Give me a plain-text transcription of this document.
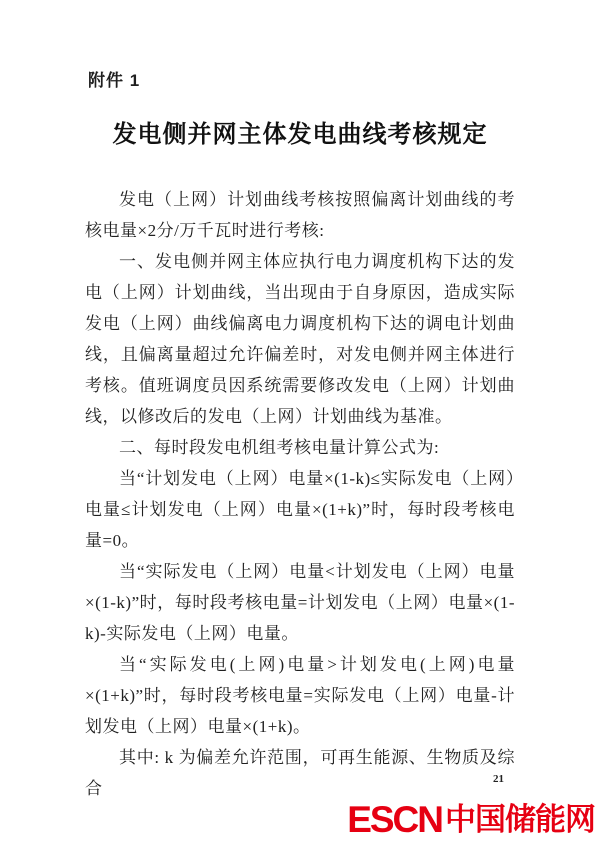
附件 1
发电侧并网主体发电曲线考核规定

发电（上网）计划曲线考核按照偏离计划曲线的考核电量×2分/万千瓦时进行考核:

一、发电侧并网主体应执行电力调度机构下达的发电（上网）计划曲线，当出现由于自身原因，造成实际发电（上网）曲线偏离电力调度机构下达的调电计划曲线，且偏离量超过允许偏差时，对发电侧并网主体进行考核。值班调度员因系统需要修改发电（上网）计划曲线，以修改后的发电（上网）计划曲线为基准。

二、每时段发电机组考核电量计算公式为:

当“计划发电（上网）电量×(1-k)≤实际发电（上网）电量≤计划发电（上网）电量×(1+k)”时，每时段考核电量=0。

当“实际发电（上网）电量<计划发电（上网）电量×(1-k)”时，每时段考核电量=计划发电（上网）电量×(1-k)-实际发电（上网）电量。

当“实际发电(上网)电量>计划发电(上网)电量×(1+k)”时，每时段考核电量=实际发电（上网）电量-计划发电（上网）电量×(1+k)。

其中: k 为偏差允许范围，可再生能源、生物质及综合	21
ESCN 中国储能网
